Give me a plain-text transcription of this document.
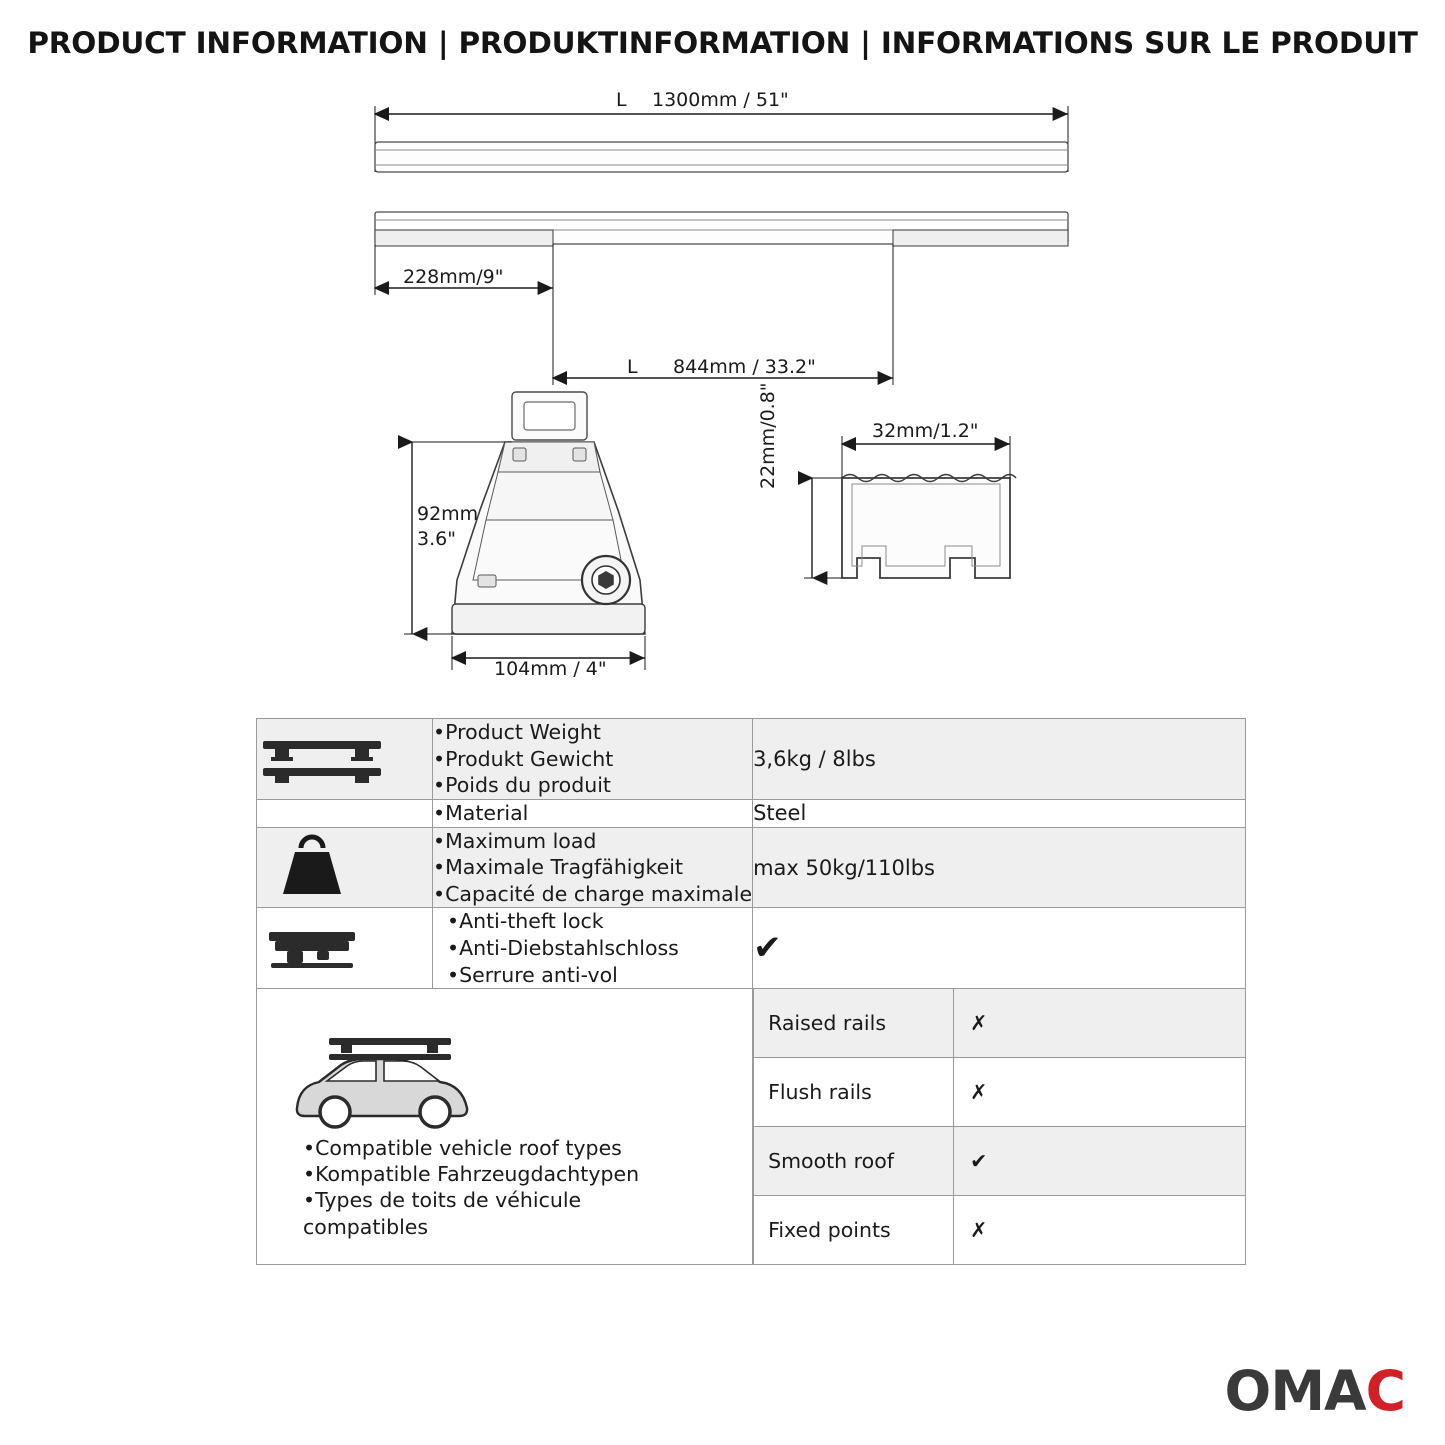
PRODUCT INFORMATION | PRODUKTINFORMATION | INFORMATIONS SUR LE PRODUIT
L 1300mm / 51"
228mm/9"
L 844mm / 33.2"
92mm
3.6"
104mm / 4"
32mm/1.2"
22mm/0.8"

•Product Weight
•Produkt Gewicht
•Poids du produit
	3,6kg / 8lbs

•Material	Steel

•Maximum load
•Maximale Tragfähigkeit
•Capacité de charge maximale
	max 50kg/110lbs

•Anti-theft lock
•Anti-Diebstahlschloss
•Serrure anti-vol
	✔

•Compatible vehicle roof types
•Kompatible Fahrzeugdachtypen
•Types de toits de véhicule
compatibles

Raised rails	✗
Flush rails	✗
Smooth roof	✔
Fixed points	✗
OMAC
